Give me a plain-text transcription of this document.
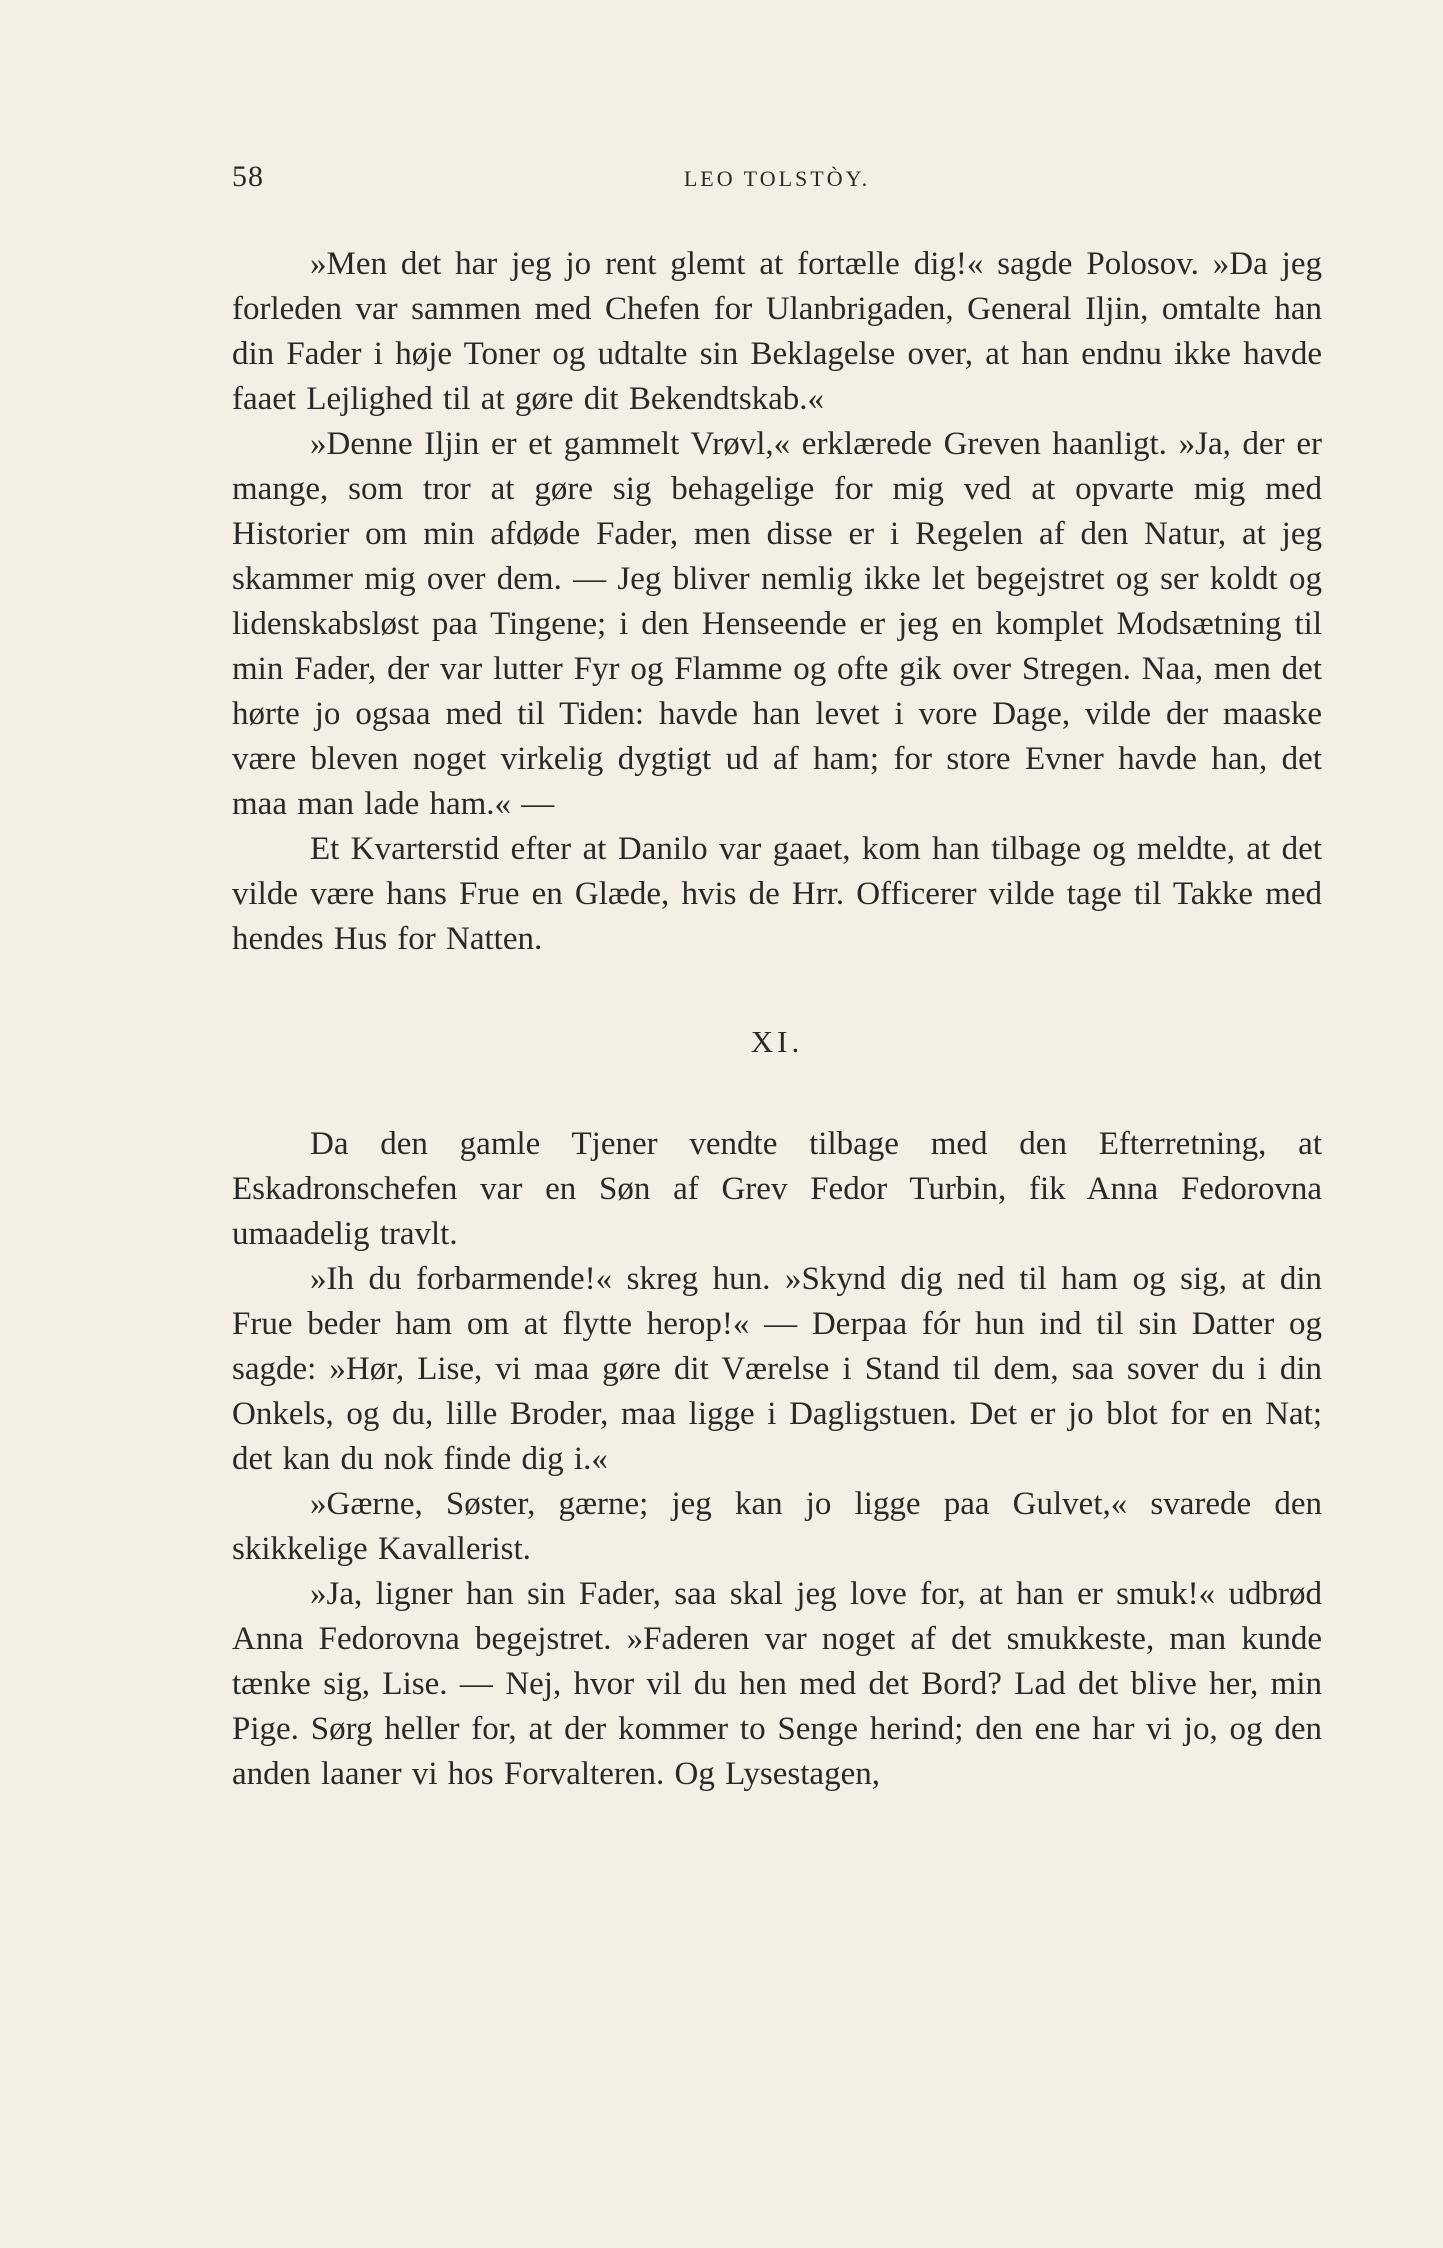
58	LEO TOLSTÒY.

»Men det har jeg jo rent glemt at fortælle dig!« sagde Polosov. »Da jeg forleden var sammen med Chefen for Ulanbrigaden, General Iljin, omtalte han din Fader i høje Toner og udtalte sin Beklagelse over, at han endnu ikke havde faaet Lejlighed til at gøre dit Bekendtskab.«

»Denne Iljin er et gammelt Vrøvl,« erklærede Greven haanligt. »Ja, der er mange, som tror at gøre sig behagelige for mig ved at opvarte mig med Historier om min afdøde Fader, men disse er i Regelen af den Natur, at jeg skammer mig over dem. — Jeg bliver nemlig ikke let begejstret og ser koldt og lidenskabsløst paa Tingene; i den Henseende er jeg en komplet Modsætning til min Fader, der var lutter Fyr og Flamme og ofte gik over Stregen. Naa, men det hørte jo ogsaa med til Tiden: havde han levet i vore Dage, vilde der maaske være bleven noget virkelig dygtigt ud af ham; for store Evner havde han, det maa man lade ham.« —

Et Kvarterstid efter at Danilo var gaaet, kom han tilbage og meldte, at det vilde være hans Frue en Glæde, hvis de Hrr. Officerer vilde tage til Takke med hendes Hus for Natten.

XI.

Da den gamle Tjener vendte tilbage med den Efterretning, at Eskadronschefen var en Søn af Grev Fedor Turbin, fik Anna Fedorovna umaadelig travlt.

»Ih du forbarmende!« skreg hun. »Skynd dig ned til ham og sig, at din Frue beder ham om at flytte herop!« — Derpaa fór hun ind til sin Datter og sagde: »Hør, Lise, vi maa gøre dit Værelse i Stand til dem, saa sover du i din Onkels, og du, lille Broder, maa ligge i Dagligstuen. Det er jo blot for en Nat; det kan du nok finde dig i.«

»Gærne, Søster, gærne; jeg kan jo ligge paa Gulvet,« svarede den skikkelige Kavallerist.

»Ja, ligner han sin Fader, saa skal jeg love for, at han er smuk!« udbrød Anna Fedorovna begejstret. »Faderen var noget af det smukkeste, man kunde tænke sig, Lise. — Nej, hvor vil du hen med det Bord? Lad det blive her, min Pige. Sørg heller for, at der kommer to Senge herind; den ene har vi jo, og den anden laaner vi hos Forvalteren. Og Lysestagen,
